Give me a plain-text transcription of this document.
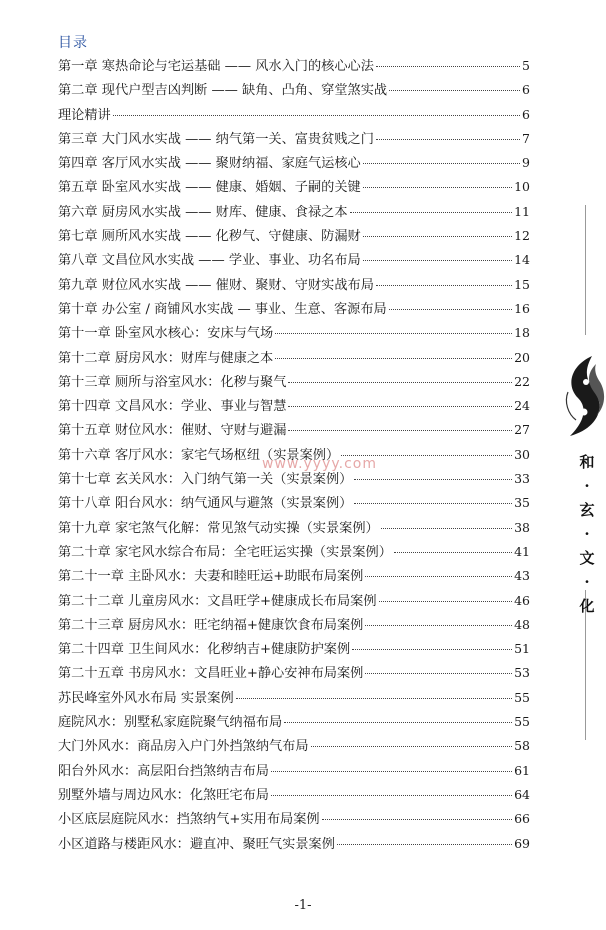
目录
第一章 寒热命论与宅运基础 —— 风水入门的核心心法	5
第二章 现代户型吉凶判断 —— 缺角、凸角、穿堂煞实战	6
理论精讲	6
第三章 大门风水实战 —— 纳气第一关、富贵贫贱之门	7
第四章 客厅风水实战 —— 聚财纳福、家庭气运核心	9
第五章 卧室风水实战 —— 健康、婚姻、子嗣的关键	10
第六章 厨房风水实战 —— 财库、健康、食禄之本	11
第七章 厕所风水实战 —— 化秽气、守健康、防漏财	12
第八章 文昌位风水实战 —— 学业、事业、功名布局	14
第九章 财位风水实战 —— 催财、聚财、守财实战布局	15
第十章 办公室 / 商铺风水实战 — 事业、生意、客源布局	16
第十一章 卧室风水核心：安床与气场	18
第十二章 厨房风水：财库与健康之本	20
第十三章 厕所与浴室风水：化秽与聚气	22
第十四章 文昌风水：学业、事业与智慧	24
第十五章 财位风水：催财、守财与避漏	27
第十六章 客厅风水：家宅气场枢纽（实景案例）	30
第十七章 玄关风水：入门纳气第一关（实景案例）	33
第十八章 阳台风水：纳气通风与避煞（实景案例）	35
第十九章 家宅煞气化解：常见煞气动实操（实景案例）	38
第二十章 家宅风水综合布局：全宅旺运实操（实景案例）	41
第二十一章 主卧风水：夫妻和睦旺运+助眠布局案例	43
第二十二章 儿童房风水：文昌旺学+健康成长布局案例	46
第二十三章 厨房风水：旺宅纳福+健康饮食布局案例	48
第二十四章 卫生间风水：化秽纳吉+健康防护案例	51
第二十五章 书房风水：文昌旺业+静心安神布局案例	53
苏民峰室外风水布局 实景案例	55
庭院风水：别墅私家庭院聚气纳福布局	55
大门外风水：商品房入户门外挡煞纳气布局	58
阳台外风水：高层阳台挡煞纳吉布局	61
别墅外墙与周边风水：化煞旺宅布局	64
小区底层庭院风水：挡煞纳气+实用布局案例	66
小区道路与楼距风水：避直冲、聚旺气实景案例	69
和
·
玄
·
文
·
化
www.yyyy.com
-1-
